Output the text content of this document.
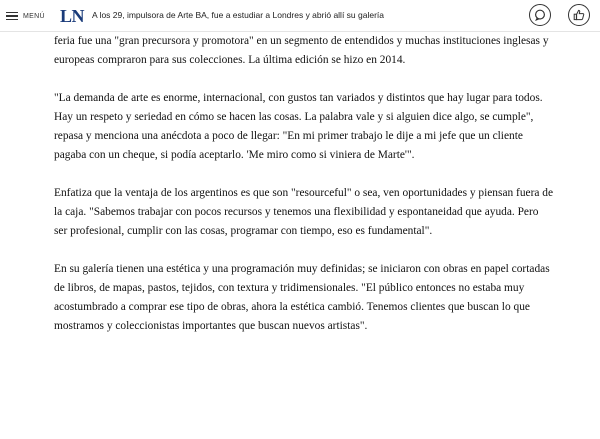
MENÚ LN A los 29, impulsora de Arte BA, fue a estudiar a Londres y abrió allí su galería

feria fue una "gran precursora y promotora" en un segmento de entendidos y muchas instituciones inglesas y europeas compraron para sus colecciones. La última edición se hizo en 2014.

"La demanda de arte es enorme, internacional, con gustos tan variados y distintos que hay lugar para todos. Hay un respeto y seriedad en cómo se hacen las cosas. La palabra vale y si alguien dice algo, se cumple", repasa y menciona una anécdota a poco de llegar: "En mi primer trabajo le dije a mi jefe que un cliente pagaba con un cheque, si podía aceptarlo. 'Me miro como si viniera de Marte'".

Enfatiza que la ventaja de los argentinos es que son "resourceful" o sea, ven oportunidades y piensan fuera de la caja. "Sabemos trabajar con pocos recursos y tenemos una flexibilidad y espontaneidad que ayuda. Pero ser profesional, cumplir con las cosas, programar con tiempo, eso es fundamental".

En su galería tienen una estética y una programación muy definidas; se iniciaron con obras en papel cortadas de libros, de mapas, pastos, tejidos, con textura y tridimensionales. "El público entonces no estaba muy acostumbrado a comprar ese tipo de obras, ahora la estética cambió. Tenemos clientes que buscan lo que mostramos y coleccionistas importantes que buscan nuevos artistas".
